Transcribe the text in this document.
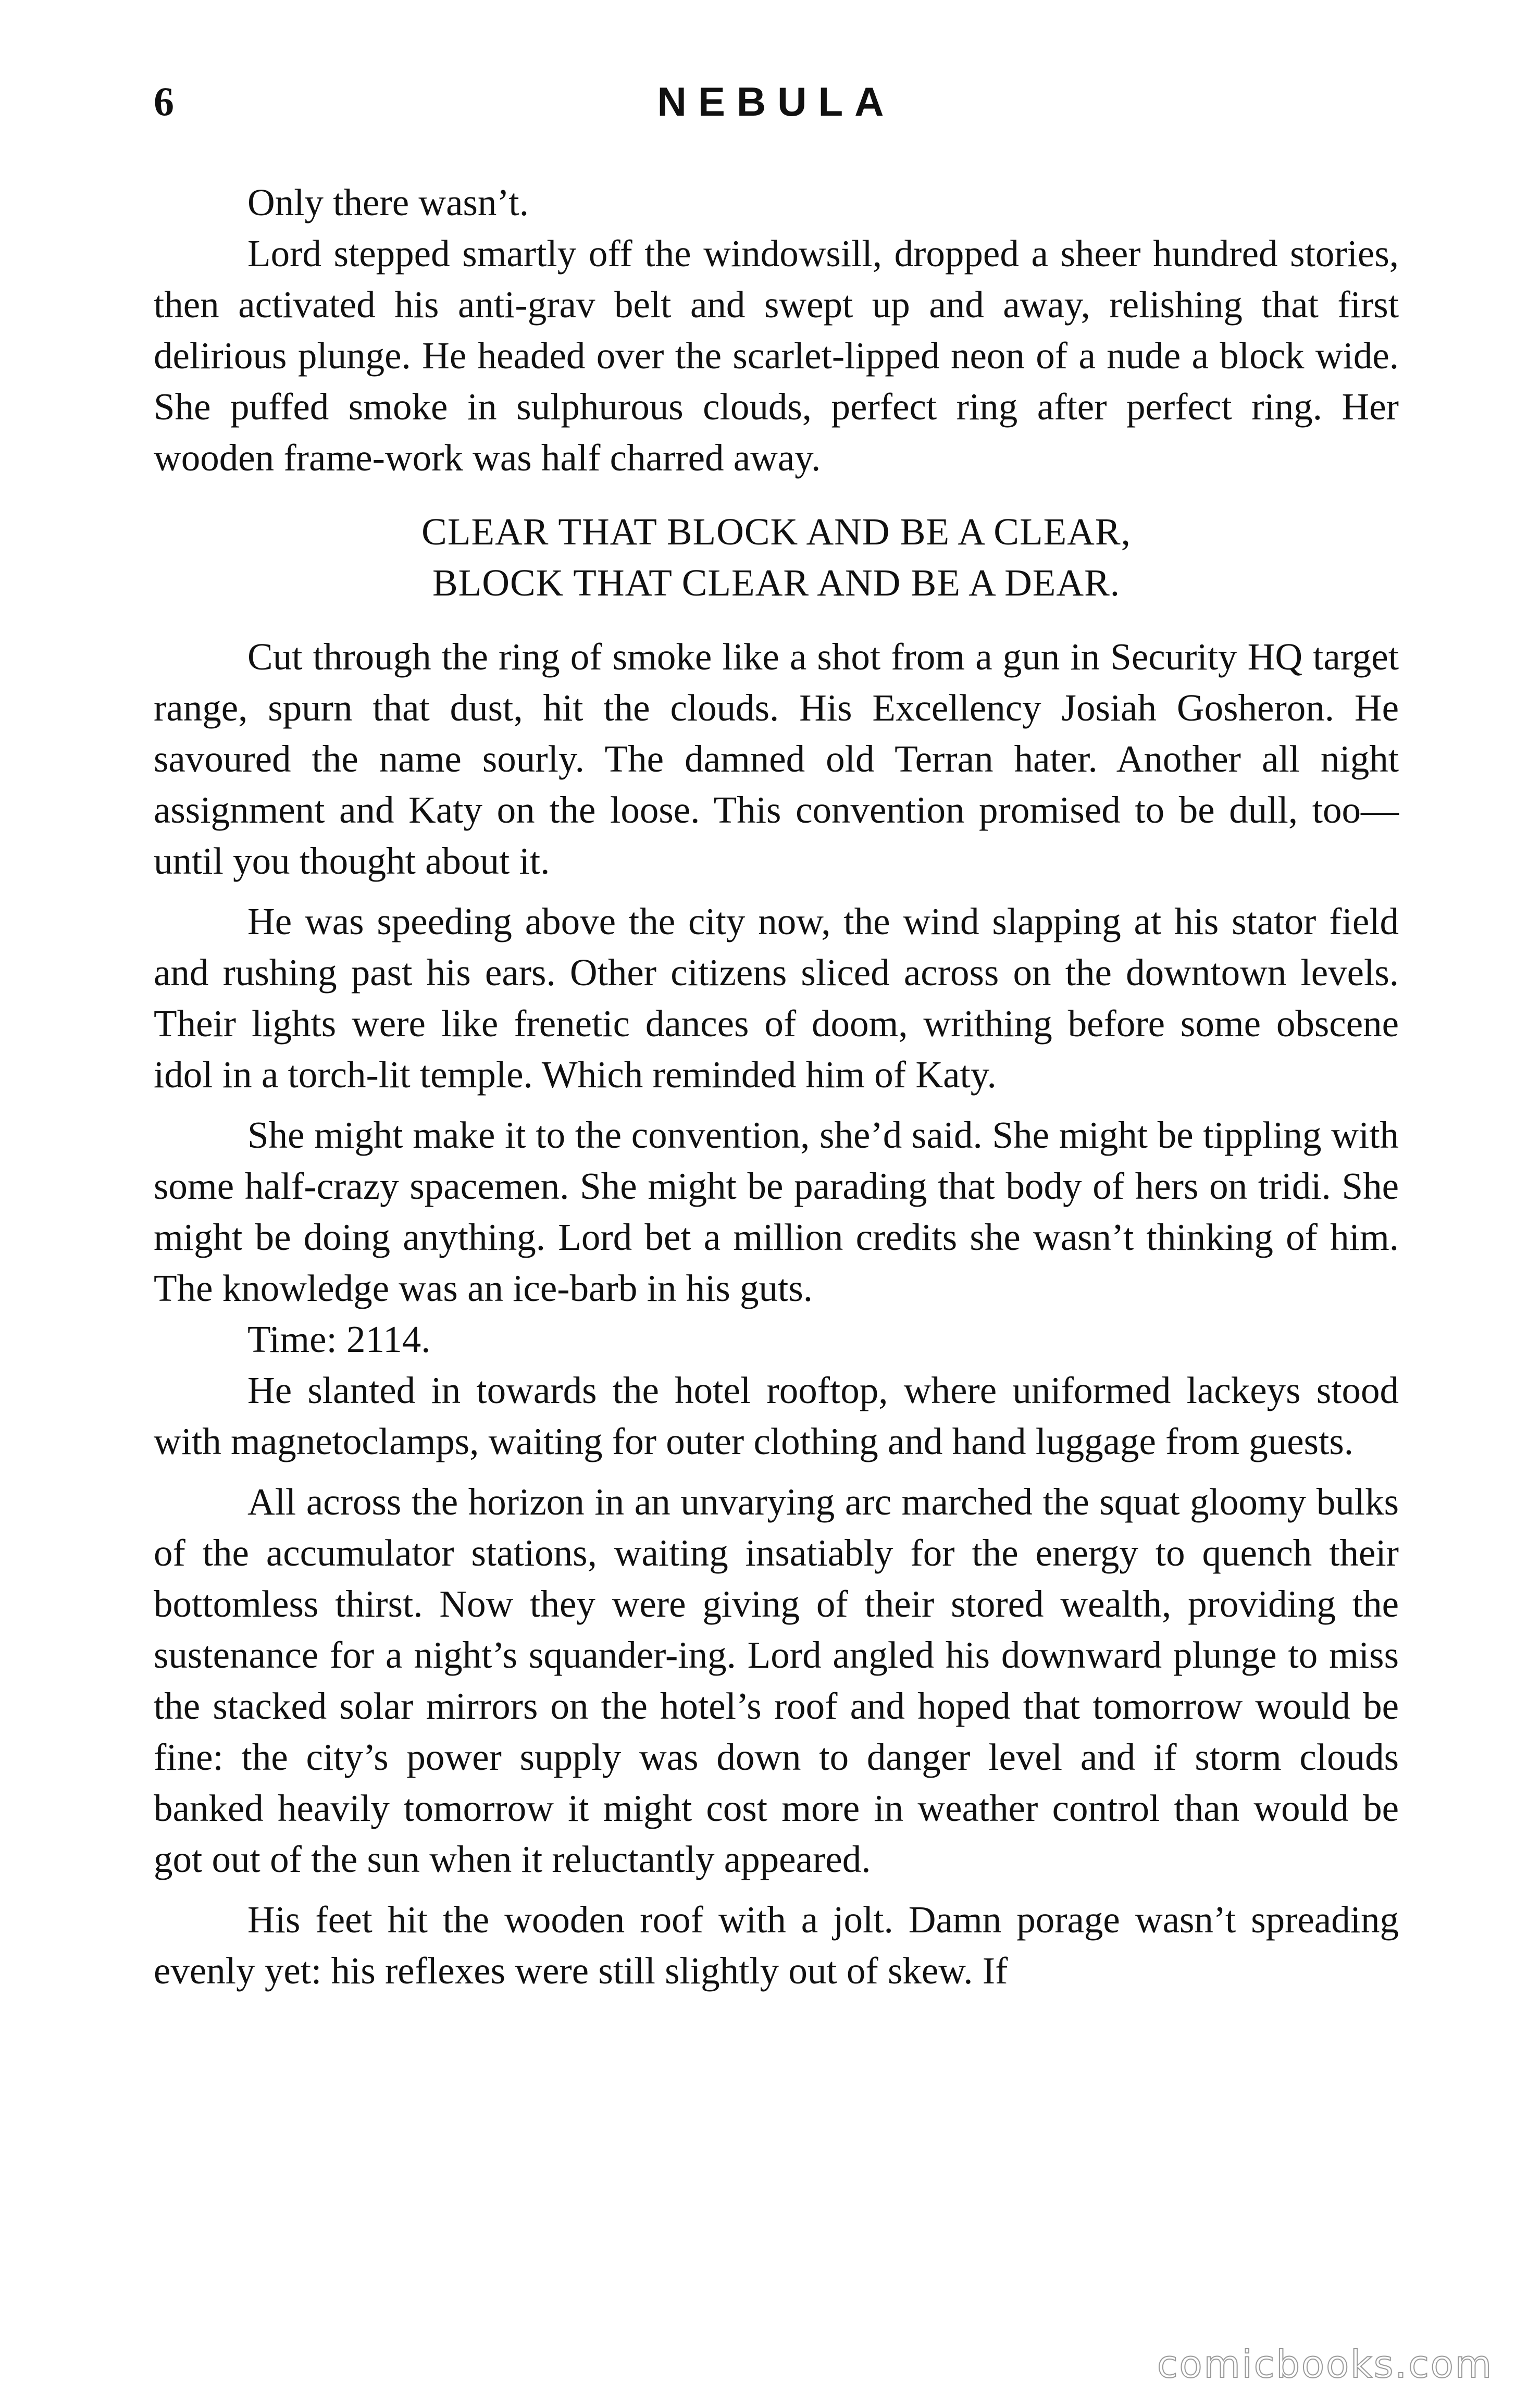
6	NEBULA

Only there wasn’t.

Lord stepped smartly off the windowsill, dropped a sheer hundred stories, then activated his anti-grav belt and swept up and away, relishing that first delirious plunge. He headed over the scarlet-lipped neon of a nude a block wide. She puffed smoke in sulphurous clouds, perfect ring after perfect ring. Her wooden frame-work was half charred away.

CLEAR THAT BLOCK AND BE A CLEAR,
BLOCK THAT CLEAR AND BE A DEAR.

Cut through the ring of smoke like a shot from a gun in Security HQ target range, spurn that dust, hit the clouds. His Excellency Josiah Gosheron. He savoured the name sourly. The damned old Terran hater. Another all night assignment and Katy on the loose. This convention promised to be dull, too—until you thought about it.

He was speeding above the city now, the wind slapping at his stator field and rushing past his ears. Other citizens sliced across on the downtown levels. Their lights were like frenetic dances of doom, writhing before some obscene idol in a torch-lit temple. Which reminded him of Katy.

She might make it to the convention, she’d said. She might be tippling with some half-crazy spacemen. She might be parading that body of hers on tridi. She might be doing anything. Lord bet a million credits she wasn’t thinking of him. The knowledge was an ice-barb in his guts.

Time: 2114.

He slanted in towards the hotel rooftop, where uniformed lackeys stood with magnetoclamps, waiting for outer clothing and hand luggage from guests.

All across the horizon in an unvarying arc marched the squat gloomy bulks of the accumulator stations, waiting insatiably for the energy to quench their bottomless thirst. Now they were giving of their stored wealth, providing the sustenance for a night’s squander-ing. Lord angled his downward plunge to miss the stacked solar mirrors on the hotel’s roof and hoped that tomorrow would be fine: the city’s power supply was down to danger level and if storm clouds banked heavily tomorrow it might cost more in weather control than would be got out of the sun when it reluctantly appeared.

His feet hit the wooden roof with a jolt. Damn porage wasn’t spreading evenly yet: his reflexes were still slightly out of skew. If

comicbooks.com
